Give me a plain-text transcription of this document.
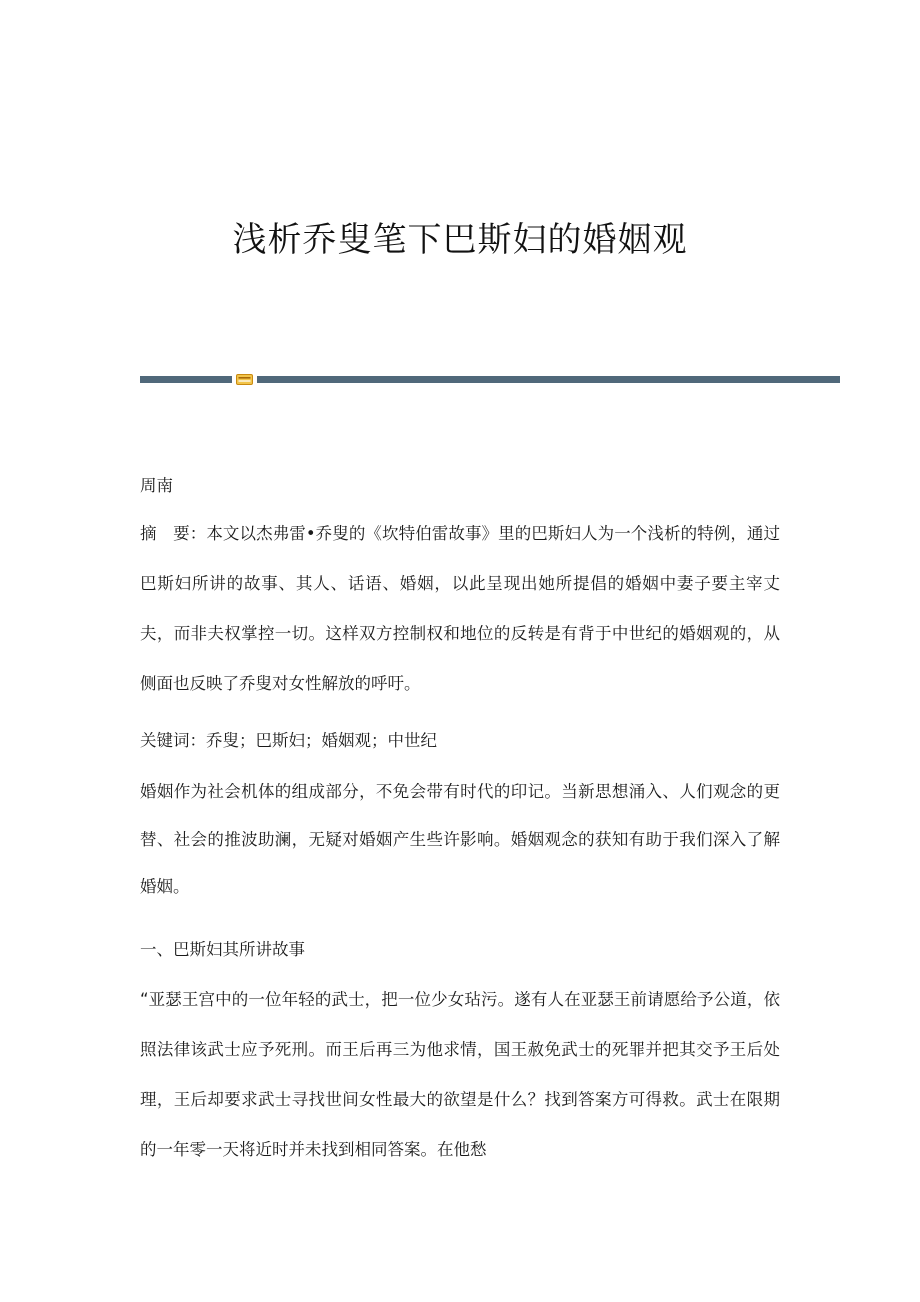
浅析乔叟笔下巴斯妇的婚姻观

周南

摘　要：本文以杰弗雷•乔叟的《坎特伯雷故事》里的巴斯妇人为一个浅析的特例，通过巴斯妇所讲的故事、其人、话语、婚姻，以此呈现出她所提倡的婚姻中妻子要主宰丈夫，而非夫权掌控一切。这样双方控制权和地位的反转是有背于中世纪的婚姻观的，从侧面也反映了乔叟对女性解放的呼吁。

关键词：乔叟；巴斯妇；婚姻观；中世纪

婚姻作为社会机体的组成部分，不免会带有时代的印记。当新思想涌入、人们观念的更替、社会的推波助澜，无疑对婚姻产生些许影响。婚姻观念的获知有助于我们深入了解婚姻。

一、巴斯妇其所讲故事

“亚瑟王宫中的一位年轻的武士，把一位少女玷污。遂有人在亚瑟王前请愿给予公道，依照法律该武士应予死刑。而王后再三为他求情，国王赦免武士的死罪并把其交予王后处理，王后却要求武士寻找世间女性最大的欲望是什么？找到答案方可得救。武士在限期的一年零一天将近时并未找到相同答案。在他愁
